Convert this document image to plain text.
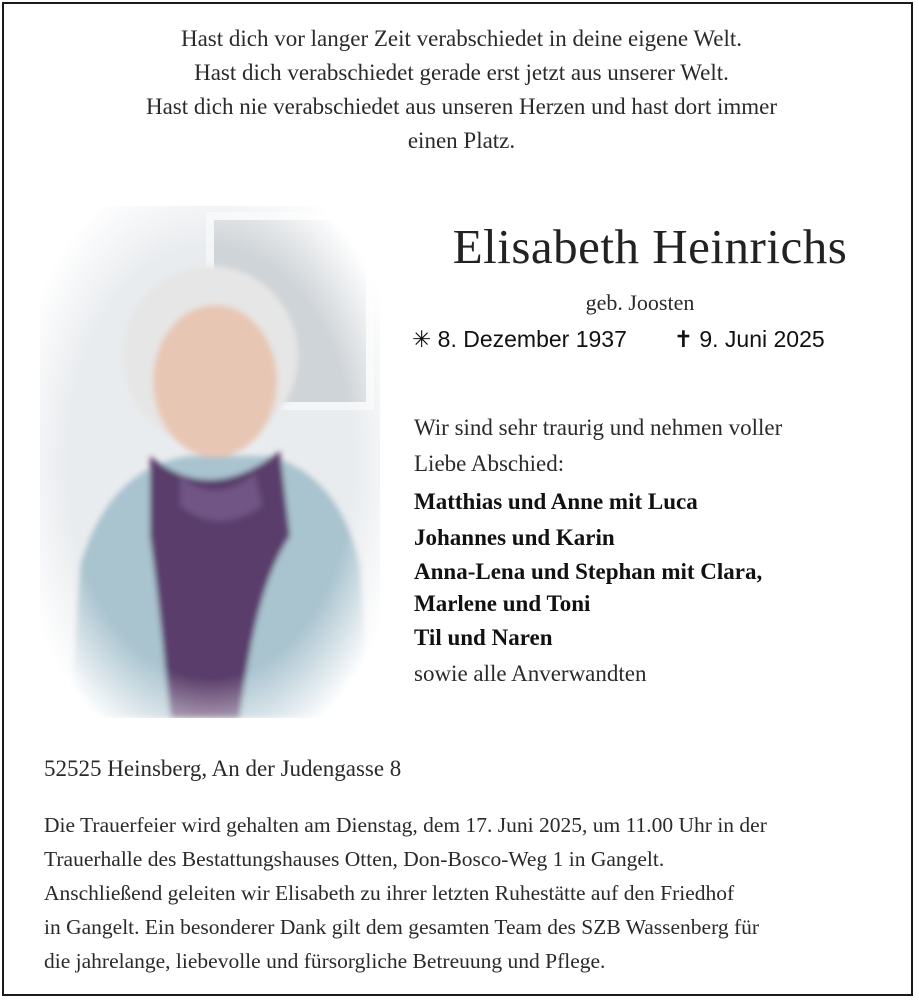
Hast dich vor langer Zeit verabschiedet in deine eigene Welt.
Hast dich verabschiedet gerade erst jetzt aus unserer Welt.
Hast dich nie verabschiedet aus unseren Herzen und hast dort immer
einen Platz.
Elisabeth Heinrichs
geb. Joosten
✳ 8. Dezember 1937 ✝ 9. Juni 2025
Wir sind sehr traurig und nehmen voller
Liebe Abschied:
Matthias und Anne mit Luca
Johannes und Karin
Anna-Lena und Stephan mit Clara,
Marlene und Toni
Til und Naren
sowie alle Anverwandten
52525 Heinsberg, An der Judengasse 8
Die Trauerfeier wird gehalten am Dienstag, dem 17. Juni 2025, um 11.00 Uhr in der
Trauerhalle des Bestattungshauses Otten, Don-Bosco-Weg 1 in Gangelt.
Anschließend geleiten wir Elisabeth zu ihrer letzten Ruhestätte auf den Friedhof
in Gangelt. Ein besonderer Dank gilt dem gesamten Team des SZB Wassenberg für
die jahrelange, liebevolle und fürsorgliche Betreuung und Pflege.
